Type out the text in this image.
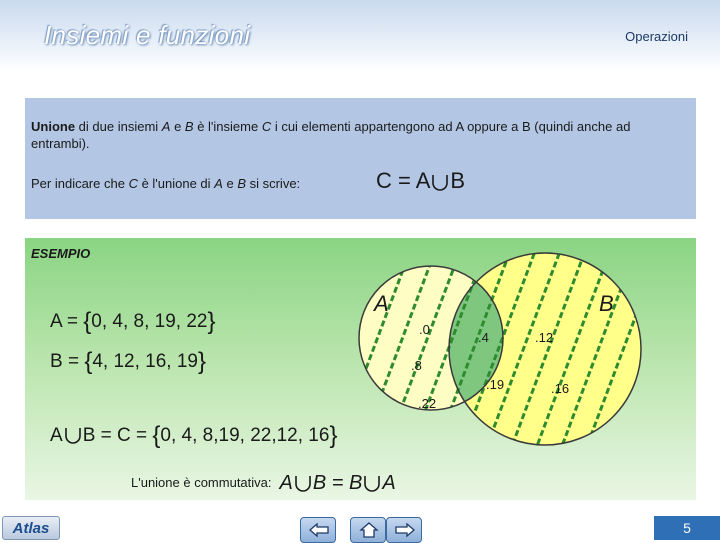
Insiemi e funzioni	Operazioni
Unione di due insiemi A e B è l'insieme C i cui elementi appartengono ad A oppure a B (quindi anche ad entrambi).
Per indicare che C è l'unione di A e B si scrive:	C = A B
ESEMPIO
A	B
.0
.4	.12
.8
.19	.16
.22
A = {0, 4, 8, 19, 22}
B = {4, 12, 16, 19}
A B = C = {0, 4, 8,19, 22,12, 16}
L'unione è commutativa: A B = B A
Atlas	5
